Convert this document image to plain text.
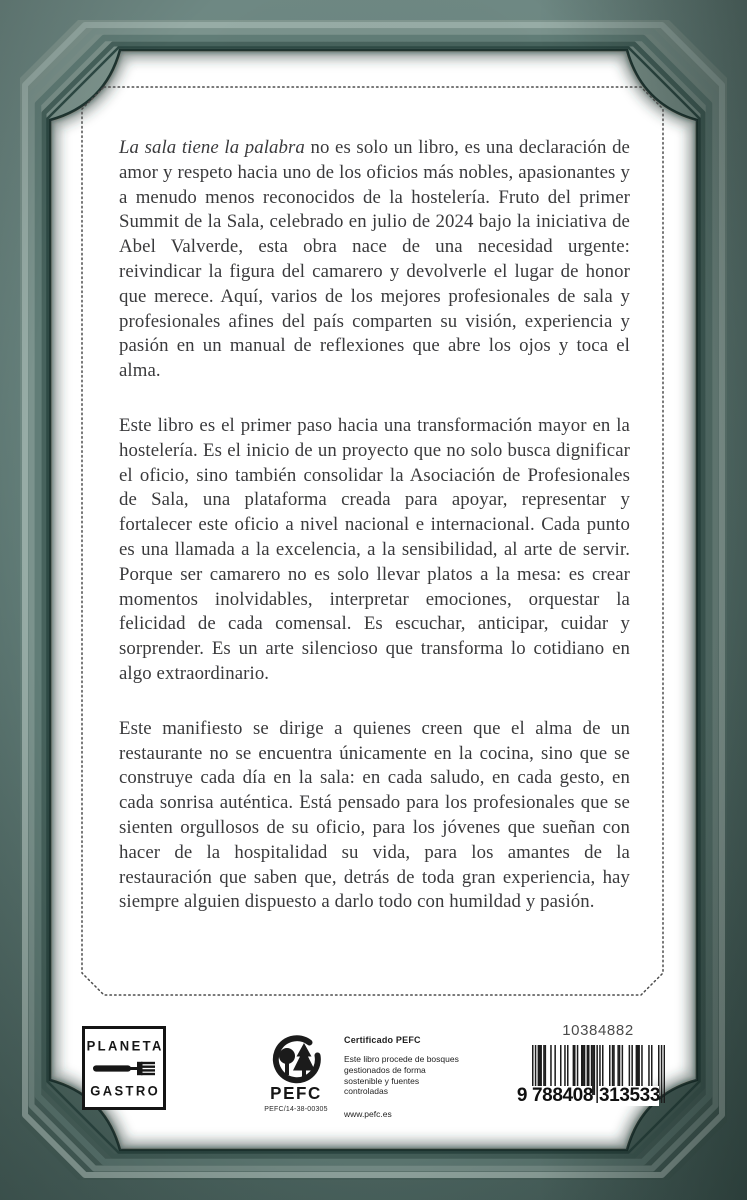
La sala tiene la palabra no es solo un libro, es una declaración de amor y respeto hacia uno de los oficios más nobles, apasionantes y a menudo menos reconocidos de la hostelería. Fruto del primer Summit de la Sala, celebrado en julio de 2024 bajo la iniciativa de Abel Valverde, esta obra nace de una necesidad urgente: reivindicar la figura del camarero y devolverle el lugar de honor que merece. Aquí, varios de los mejores profesionales de sala y profesionales afines del país comparten su visión, experiencia y pasión en un manual de reflexiones que abre los ojos y toca el alma.

Este libro es el primer paso hacia una transformación mayor en la hostelería. Es el inicio de un proyecto que no solo busca dignificar el oficio, sino también consolidar la Asociación de Profesionales de Sala, una plataforma creada para apoyar, representar y fortalecer este oficio a nivel nacional e internacional. Cada punto es una llamada a la excelencia, a la sensibilidad, al arte de servir. Porque ser camarero no es solo llevar platos a la mesa: es crear momentos inolvidables, interpretar emociones, orquestar la felicidad de cada comensal. Es escuchar, anticipar, cuidar y sorprender. Es un arte silencioso que transforma lo cotidiano en algo extraordinario.

Este manifiesto se dirige a quienes creen que el alma de un restaurante no se encuentra únicamente en la cocina, sino que se construye cada día en la sala: en cada saludo, en cada gesto, en cada sonrisa auténtica. Está pensado para los profesionales que se sienten orgullosos de su oficio, para los jóvenes que sueñan con hacer de la hospitalidad su vida, para los amantes de la restauración que saben que, detrás de toda gran experiencia, hay siempre alguien dispuesto a darlo todo con humildad y pasión.

PLANETA
GASTRO	PEFC
PEFC/14-38-00305
Certificado PEFC
Este libro procede de bosques gestionados de forma sostenible y fuentes controladas
www.pefc.es
10384882
9 788408 313533
